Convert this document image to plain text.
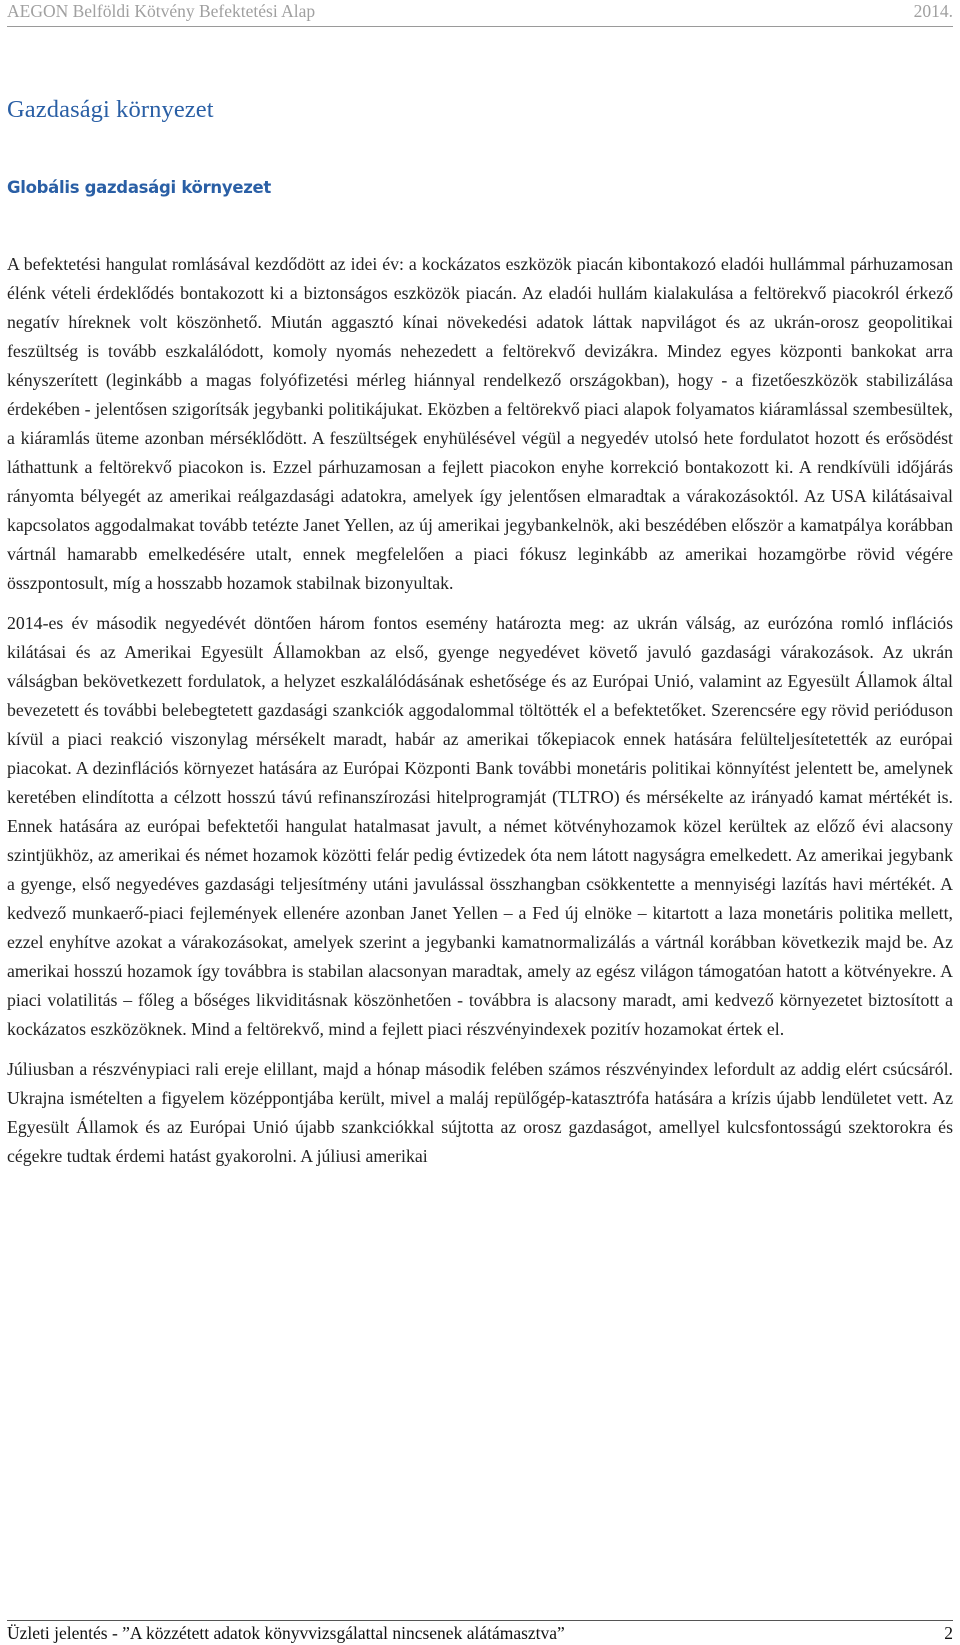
AEGON Belföldi Kötvény Befektetési Alap	2014.
Gazdasági környezet
Globális gazdasági környezet

A befektetési hangulat romlásával kezdődött az idei év: a kockázatos eszközök piacán kibontakozó eladói hullámmal párhuzamosan élénk vételi érdeklődés bontakozott ki a biztonságos eszközök piacán. Az eladói hullám kialakulása a feltörekvő piacokról érkező negatív híreknek volt köszönhető. Miután aggasztó kínai növekedési adatok láttak napvilágot és az ukrán-orosz geopolitikai feszültség is tovább eszkalálódott, komoly nyomás nehezedett a feltörekvő devizákra. Mindez egyes központi bankokat arra kényszerített (leginkább a magas folyófizetési mérleg hiánnyal rendelkező országokban), hogy - a fizetőeszközök stabilizálása érdekében - jelentősen szigorítsák jegybanki politikájukat. Eközben a feltörekvő piaci alapok folyamatos kiáramlással szembesültek, a kiáramlás üteme azonban mérséklődött. A feszültségek enyhülésével végül a negyedév utolsó hete fordulatot hozott és erősödést láthattunk a feltörekvő piacokon is. Ezzel párhuzamosan a fejlett piacokon enyhe korrekció bontakozott ki. A rendkívüli időjárás rányomta bélyegét az amerikai reálgazdasági adatokra, amelyek így jelentősen elmaradtak a várakozásoktól. Az USA kilátásaival kapcsolatos aggodalmakat tovább tetézte Janet Yellen, az új amerikai jegybankelnök, aki beszédében először a kamatpálya korábban vártnál hamarabb emelkedésére utalt, ennek megfelelően a piaci fókusz leginkább az amerikai hozamgörbe rövid végére összpontosult, míg a hosszabb hozamok stabilnak bizonyultak.

2014-es év második negyedévét döntően három fontos esemény határozta meg: az ukrán válság, az eurózóna romló inflációs kilátásai és az Amerikai Egyesült Államokban az első, gyenge negyedévet követő javuló gazdasági várakozások. Az ukrán válságban bekövetkezett fordulatok, a helyzet eszkalálódásának eshetősége és az Európai Unió, valamint az Egyesült Államok által bevezetett és további belebegtetett gazdasági szankciók aggodalommal töltötték el a befektetőket. Szerencsére egy rövid perióduson kívül a piaci reakció viszonylag mérsékelt maradt, habár az amerikai tőkepiacok ennek hatására felülteljesítetették az európai piacokat. A dezinflációs környezet hatására az Európai Központi Bank további monetáris politikai könnyítést jelentett be, amelynek keretében elindította a célzott hosszú távú refinanszírozási hitelprogramját (TLTRO) és mérsékelte az irányadó kamat mértékét is. Ennek hatására az európai befektetői hangulat hatalmasat javult, a német kötvényhozamok közel kerültek az előző évi alacsony szintjükhöz, az amerikai és német hozamok közötti felár pedig évtizedek óta nem látott nagyságra emelkedett. Az amerikai jegybank a gyenge, első negyedéves gazdasági teljesítmény utáni javulással összhangban csökkentette a mennyiségi lazítás havi mértékét. A kedvező munkaerő-piaci fejlemények ellenére azonban Janet Yellen – a Fed új elnöke – kitartott a laza monetáris politika mellett, ezzel enyhítve azokat a várakozásokat, amelyek szerint a jegybanki kamatnormalizálás a vártnál korábban következik majd be. Az amerikai hosszú hozamok így továbbra is stabilan alacsonyan maradtak, amely az egész világon támogatóan hatott a kötvényekre. A piaci volatilitás – főleg a bőséges likviditásnak köszönhetően - továbbra is alacsony maradt, ami kedvező környezetet biztosított a kockázatos eszközöknek. Mind a feltörekvő, mind a fejlett piaci részvényindexek pozitív hozamokat értek el.

Júliusban a részvénypiaci rali ereje elillant, majd a hónap második felében számos részvényindex lefordult az addig elért csúcsáról. Ukrajna ismételten a figyelem középpontjába került, mivel a maláj repülőgép-katasztrófa hatására a krízis újabb lendületet vett. Az Egyesült Államok és az Európai Unió újabb szankciókkal sújtotta az orosz gazdaságot, amellyel kulcsfontosságú szektorokra és cégekre tudtak érdemi hatást gyakorolni. A júliusi amerikai

Üzleti jelentés - ”A közzétett adatok könyvvizsgálattal nincsenek alátámasztva”	2
